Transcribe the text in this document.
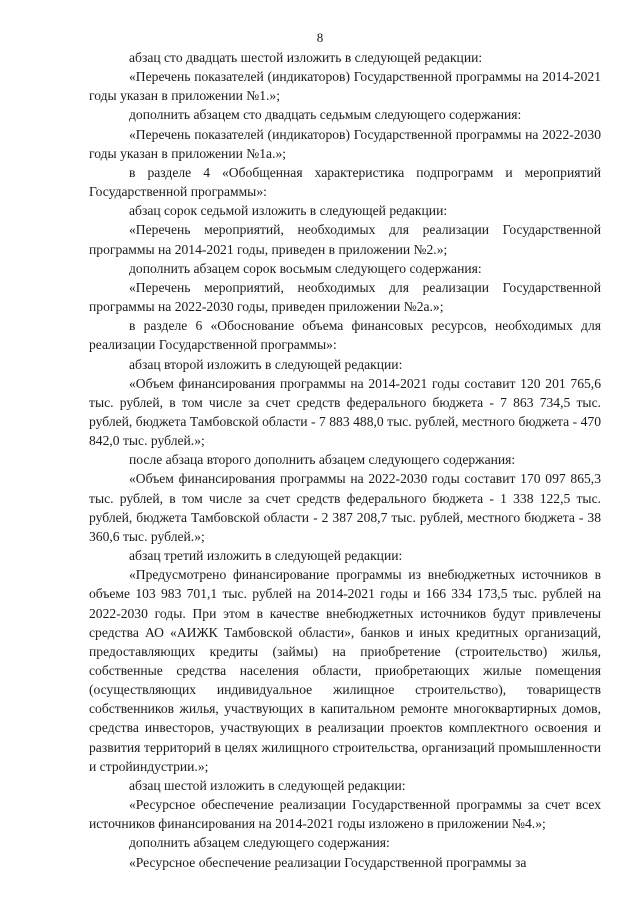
8

абзац сто двадцать шестой изложить в следующей редакции:

«Перечень показателей (индикаторов) Государственной программы на 2014-2021 годы указан в приложении №1.»;

дополнить абзацем сто двадцать седьмым следующего содержания:

«Перечень показателей (индикаторов) Государственной программы на 2022-2030 годы указан в приложении №1а.»;

в разделе 4 «Обобщенная характеристика подпрограмм и мероприятий Государственной программы»:

абзац сорок седьмой изложить в следующей редакции:

«Перечень мероприятий, необходимых для реализации Государственной программы на 2014-2021 годы, приведен в приложении №2.»;

дополнить абзацем сорок восьмым следующего содержания:

«Перечень мероприятий, необходимых для реализации Государственной программы на 2022-2030 годы, приведен приложении №2а.»;

в разделе 6 «Обоснование объема финансовых ресурсов, необходимых для реализации Государственной программы»:

абзац второй изложить в следующей редакции:

«Объем финансирования программы на 2014-2021 годы составит 120 201 765,6 тыс. рублей, в том числе за счет средств федерального бюджета - 7 863 734,5 тыс. рублей, бюджета Тамбовской области - 7 883 488,0 тыс. рублей, местного бюджета - 470 842,0 тыс. рублей.»;

после абзаца второго дополнить абзацем следующего содержания:

«Объем финансирования программы на 2022-2030 годы составит 170 097 865,3 тыс. рублей, в том числе за счет средств федерального бюджета - 1 338 122,5 тыс. рублей, бюджета Тамбовской области - 2 387 208,7 тыс. рублей, местного бюджета - 38 360,6 тыс. рублей.»;

абзац третий изложить в следующей редакции:

«Предусмотрено финансирование программы из внебюджетных источников в объеме 103 983 701,1 тыс. рублей на 2014-2021 годы и 166 334 173,5 тыс. рублей на 2022-2030 годы. При этом в качестве внебюджетных источников будут привлечены средства АО «АИЖК Тамбовской области», банков и иных кредитных организаций, предоставляющих кредиты (займы) на приобретение (строительство) жилья, собственные средства населения области, приобретающих жилые помещения (осуществляющих индивидуальное жилищное строительство), товариществ собственников жилья, участвующих в капитальном ремонте многоквартирных домов, средства инвесторов, участвующих в реализации проектов комплектного освоения и развития территорий в целях жилищного строительства, организаций промышленности и стройиндустрии.»;

абзац шестой изложить в следующей редакции:

«Ресурсное обеспечение реализации Государственной программы за счет всех источников финансирования на 2014-2021 годы изложено в приложении №4.»;

дополнить абзацем следующего содержания:

«Ресурсное обеспечение реализации Государственной программы за
